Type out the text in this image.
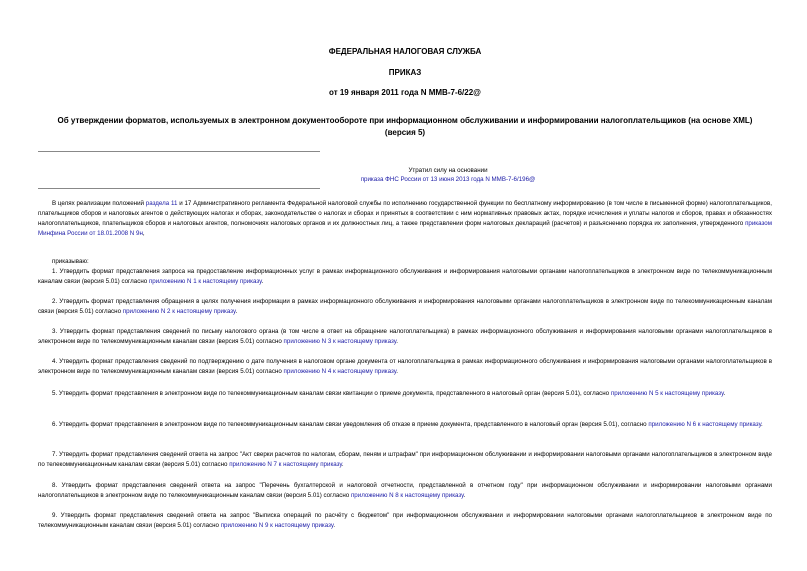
ФЕДЕРАЛЬНАЯ НАЛОГОВАЯ СЛУЖБА
ПРИКАЗ
от 19 января 2011 года N ММВ-7-6/22@
Об утверждении форматов, используемых в электронном документообороте при информационном обслуживании и информировании налогоплательщиков (на основе XML) (версия 5)
Утратил силу на основании
приказа ФНС России от 13 июня 2013 года N ММВ-7-6/196@

В целях реализации положений раздела 11 и 17 Административного регламента Федеральной налоговой службы по исполнению государственной функции по бесплатному информированию (в том числе в письменной форме) налогоплательщиков, плательщиков сборов и налоговых агентов о действующих налогах и сборах, законодательстве о налогах и сборах и принятых в соответствии с ним нормативных правовых актах, порядке исчисления и уплаты налогов и сборов, правах и обязанностях налогоплательщиков, плательщиков сборов и налоговых агентов, полномочиях налоговых органов и их должностных лиц, а также представлении форм налоговых деклараций (расчетов) и разъяснению порядка их заполнения, утвержденного приказом Минфина России от 18.01.2008 N 9н,

приказываю:

1. Утвердить формат представления запроса на предоставление информационных услуг в рамках информационного обслуживания и информирования налоговыми органами налогоплательщиков в электронном виде по телекоммуникационным каналам связи (версия 5.01) согласно приложению N 1 к настоящему приказу.

2. Утвердить формат представления обращения в целях получения информации в рамках информационного обслуживания и информирования налоговыми органами налогоплательщиков в электронном виде по телекоммуникационным каналам связи (версия 5.01) согласно приложению N 2 к настоящему приказу.

3. Утвердить формат представления сведений по письму налогового органа (в том числе в ответ на обращение налогоплательщика) в рамках информационного обслуживания и информирования налоговыми органами налогоплательщиков в электронном виде по телекоммуникационным каналам связи (версия 5.01) согласно приложению N 3 к настоящему приказу.

4. Утвердить формат представления сведений по подтверждению о дате получения в налоговом органе документа от налогоплательщика в рамках информационного обслуживания и информирования налоговыми органами налогоплательщиков в электронном виде по телекоммуникационным каналам связи (версия 5.01) согласно приложению N 4 к настоящему приказу.

5. Утвердить формат представления в электронном виде по телекоммуникационным каналам связи квитанции о приеме документа, представленного в налоговый орган (версия 5.01), согласно приложению N 5 к настоящему приказу.

6. Утвердить формат представления в электронном виде по телекоммуникационным каналам связи уведомления об отказе в приеме документа, представленного в налоговый орган (версия 5.01), согласно приложению N 6 к настоящему приказу.

7. Утвердить формат представления сведений ответа на запрос "Акт сверки расчетов по налогам, сборам, пеням и штрафам" при информационном обслуживании и информировании налоговыми органами налогоплательщиков в электронном виде по телекоммуникационным каналам связи (версия 5.01) согласно приложению N 7 к настоящему приказу.

8. Утвердить формат представления сведений ответа на запрос "Перечень бухгалтерской и налоговой отчетности, представленной в отчетном году" при информационном обслуживании и информировании налоговыми органами налогоплательщиков в электронном виде по телекоммуникационным каналам связи (версия 5.01) согласно приложению N 8 к настоящему приказу.

9. Утвердить формат представления сведений ответа на запрос "Выписка операций по расчёту с бюджетом" при информационном обслуживании и информировании налоговыми органами налогоплательщиков в электронном виде по телекоммуникационным каналам связи (версия 5.01) согласно приложению N 9 к настоящему приказу.
